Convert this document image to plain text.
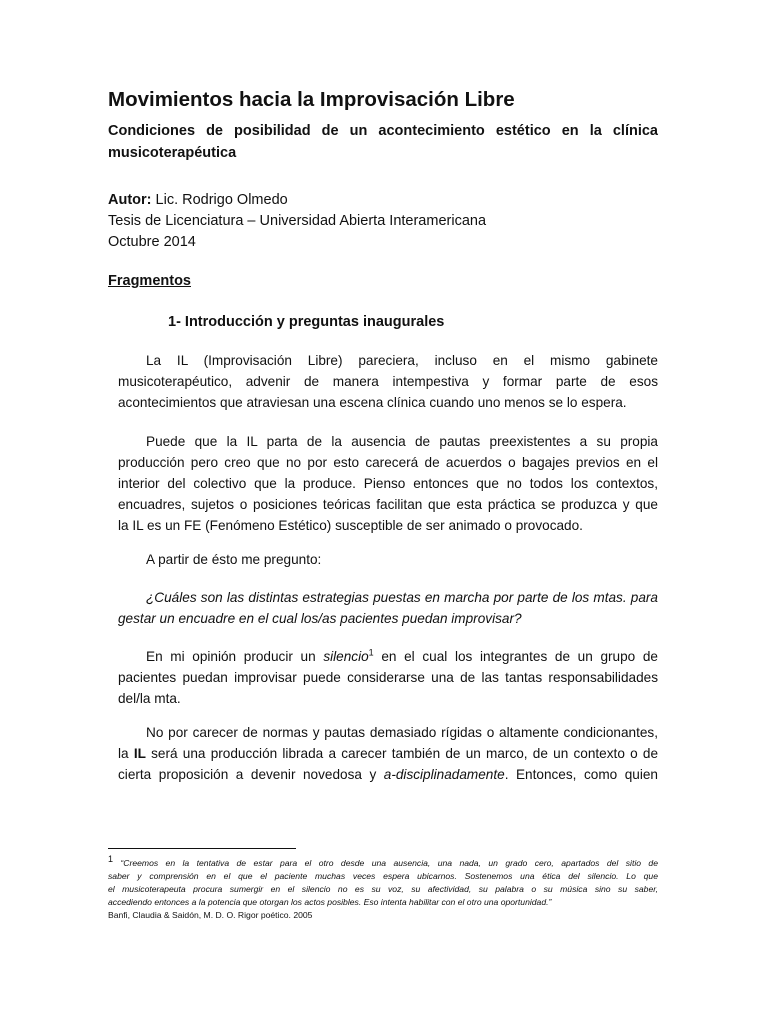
Movimientos hacia la Improvisación Libre
Condiciones de posibilidad de un acontecimiento estético en la clínica musicoterapéutica
Autor: Lic. Rodrigo Olmedo
Tesis de Licenciatura – Universidad Abierta Interamericana
Octubre 2014
Fragmentos
1- Introducción y preguntas inaugurales
La IL (Improvisación Libre) pareciera, incluso en el mismo gabinete
musicoterapéutico, advenir de manera intempestiva y formar parte de esos
acontecimientos que atraviesan una escena clínica cuando uno menos se lo espera.
Puede que la IL parta de la ausencia de pautas preexistentes a su propia
producción pero creo que no por esto carecerá de acuerdos o bagajes previos en el
interior del colectivo que la produce. Pienso entonces que no todos los contextos,
encuadres, sujetos o posiciones teóricas facilitan que esta práctica se produzca y que
la IL es un FE (Fenómeno Estético) susceptible de ser animado o provocado.
A partir de ésto me pregunto:
¿Cuáles son las distintas estrategias puestas en marcha por parte de los mtas. para
gestar un encuadre en el cual los/as pacientes puedan improvisar?
En mi opinión producir un silencio$^1$ en el cual los integrantes de un grupo de
pacientes puedan improvisar puede considerarse una de las tantas responsabilidades
del/la mta.
No por carecer de normas y pautas demasiado rígidas o altamente condicionantes,
la IL será una producción librada a carecer también de un marco, de un contexto o de
cierta proposición a devenir novedosa y a-disciplinadamente. Entonces, como quien
$^1$ “Creemos en la tentativa de estar para el otro desde una ausencia, una nada, un grado cero, apartados del sitio de
saber y comprensión en el que el paciente muchas veces espera ubicarnos. Sostenemos una ética del silencio. Lo que
el musicoterapeuta procura sumergir en el silencio no es su voz, su afectividad, su palabra o su música sino su saber,
accediendo entonces a la potencia que otorgan los actos posibles. Eso intenta habilitar con el otro una oportunidad.”
Banfi, Claudia & Saidón, M. D. O. Rigor poético. 2005
